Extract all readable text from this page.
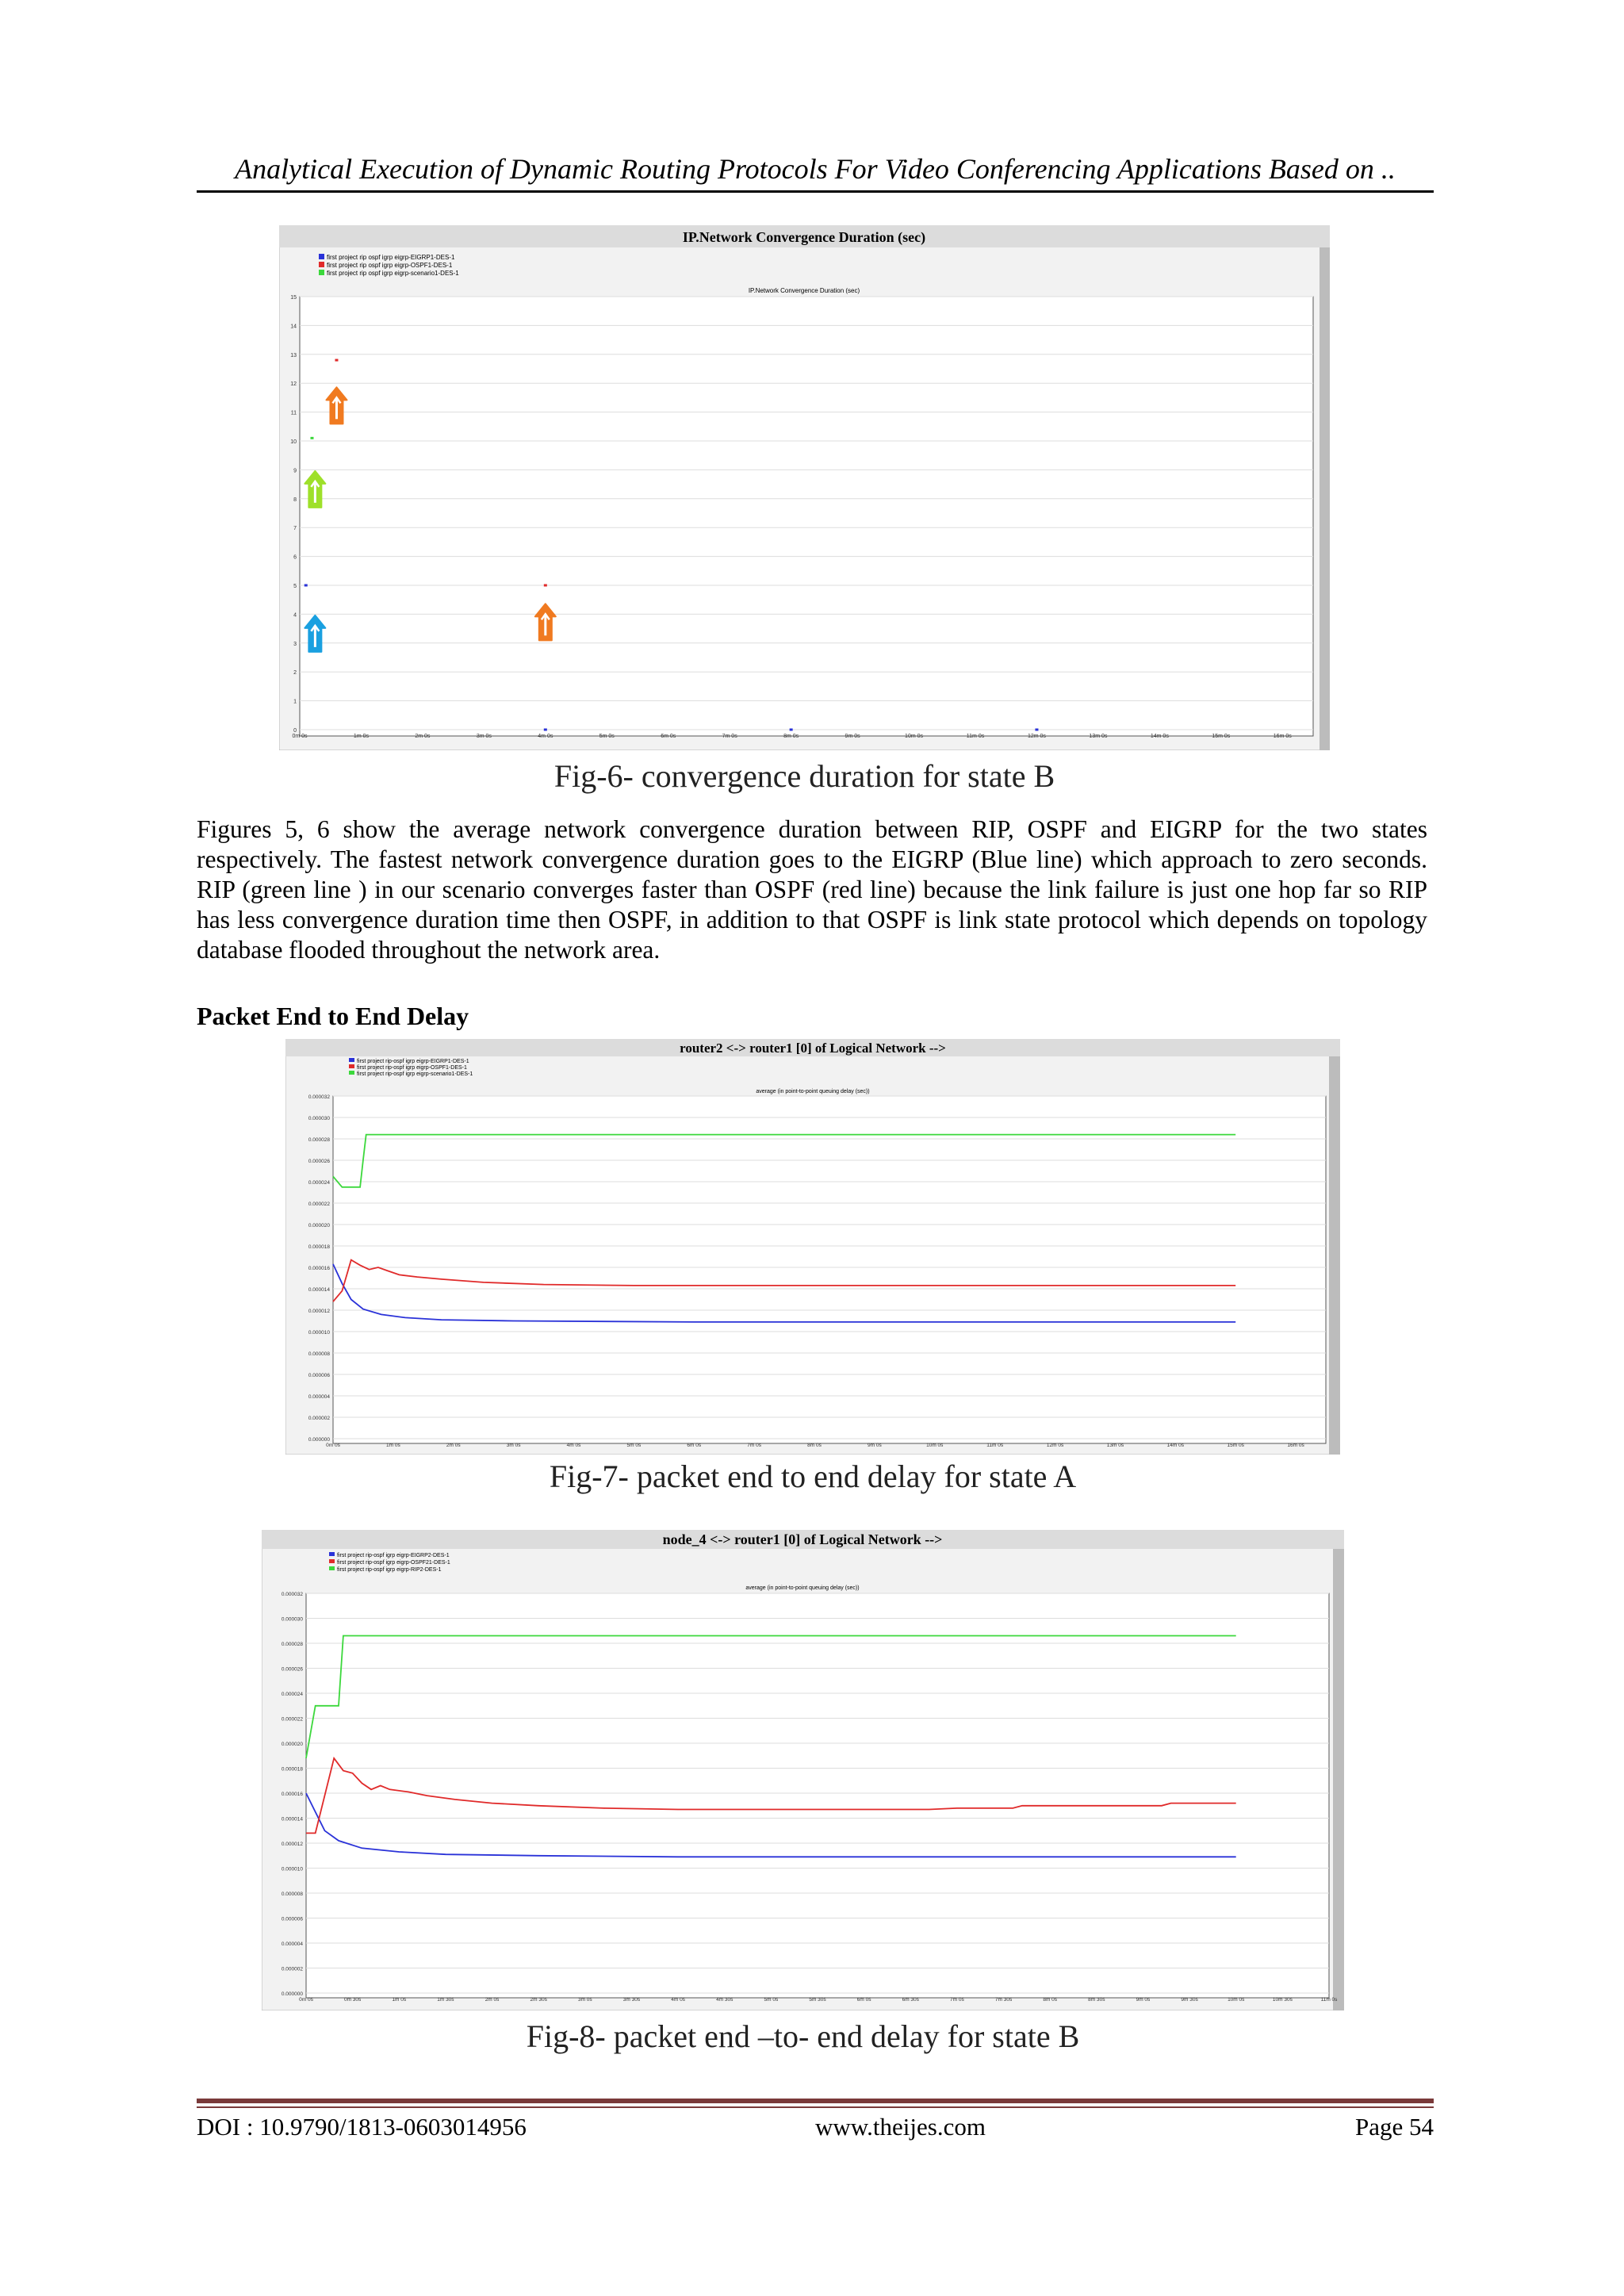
Analytical Execution of Dynamic Routing Protocols For Video Conferencing Applications Based on ..
IP.Network Convergence Duration (sec)
first project rip ospf igrp eigrp-EIGRP1-DES-1
first project rip ospf igrp eigrp-OSPF1-DES-1
first project rip ospf igrp eigrp-scenario1-DES-1
IP.Network Convergence Duration (sec)
0
1
2
3
4
5
6
7
8
9
10
11
12
13
14
15
0m 0s	1m 0s	2m 0s	3m 0s	4m 0s	5m 0s	6m 0s	7m 0s	8m 0s	9m 0s	10m 0s	11m 0s	12m 0s	13m 0s	14m 0s	15m 0s	16m 0s
Fig-6- convergence duration for state B

Figures 5, 6 show the average network convergence duration between RIP, OSPF and EIGRP for the two states respectively. The fastest network convergence duration goes to the EIGRP (Blue line) which approach to zero seconds. RIP (green line ) in our scenario converges faster than OSPF (red line) because the link failure is just one hop far so RIP has less convergence duration time then OSPF, in addition to that OSPF is link state protocol which depends on topology database flooded throughout the network area.

Packet End to End Delay
router2 <-> router1 [0] of Logical Network -->
first project rip-ospf igrp eigrp-EIGRP1-DES-1
first project rip-ospf igrp eigrp-OSPF1-DES-1
first project rip-ospf igrp eigrp-scenario1-DES-1
average (in point-to-point queuing delay (sec))
0.000000
0.000002
0.000004
0.000006
0.000008
0.000010
0.000012
0.000014
0.000016
0.000018
0.000020
0.000022
0.000024
0.000026
0.000028
0.000030
0.000032
0m 0s	1m 0s	2m 0s	3m 0s	4m 0s	5m 0s	6m 0s	7m 0s	8m 0s	9m 0s	10m 0s	11m 0s	12m 0s	13m 0s	14m 0s	15m 0s	16m 0s
Fig-7- packet end to end delay for state A
node_4 <-> router1 [0] of Logical Network -->
first project rip-ospf igrp eigrp-EIGRP2-DES-1
first project rip-ospf igrp eigrp-OSPF21-DES-1
first project rip-ospf igrp eigrp-RIP2-DES-1
average (in point-to-point queuing delay (sec))
0.000000
0.000002
0.000004
0.000006
0.000008
0.000010
0.000012
0.000014
0.000016
0.000018
0.000020
0.000022
0.000024
0.000026
0.000028
0.000030
0.000032
0m 0s	0m 30s	1m 0s	1m 30s	2m 0s	2m 30s	3m 0s	3m 30s	4m 0s	4m 30s	5m 0s	5m 30s	6m 0s	6m 30s	7m 0s	7m 30s	8m 0s	8m 30s	9m 0s	9m 30s	10m 0s	10m 30s	11m 0s
Fig-8- packet end –to- end delay for state B
DOI : 10.9790/1813-0603014956	www.theijes.com	Page 54
